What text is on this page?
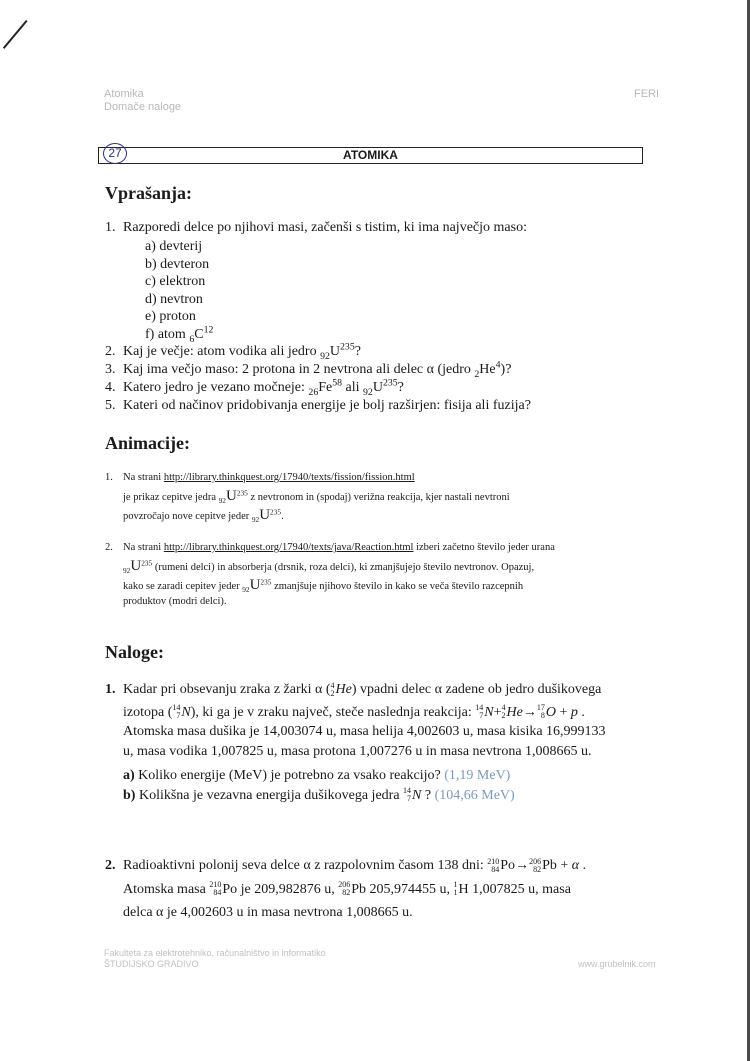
Atomika
Domače naloge
FERI
ATOMIKA
27
Vprašanja:
1. Razporedi delce po njihovi masi, začenši s tistim, ki ima največjo maso:
a) devterij
b) devteron
c) elektron
d) nevtron
e) proton
f) atom $_6C^{12}$
2. Kaj je večje: atom vodika ali jedro $_{92}U^{235}$?
3. Kaj ima večjo maso: 2 protona in 2 nevtrona ali delec α (jedro $_2He^4$)?
4. Katero jedro je vezano močneje: $_{26}Fe^{58}$ ali $_{92}U^{235}$?
5. Kateri od načinov pridobivanja energije je bolj razširjen: fisija ali fuzija?
Animacije:
1. Na strani http://library.thinkquest.org/17940/texts/fission/fission.html
je prikaz cepitve jedra $_{92}U^{235}$ z nevtronom in (spodaj) verižna reakcija, kjer nastali nevtroni
povzročajo nove cepitve jeder $_{92}U^{235}$.
2. Na strani http://library.thinkquest.org/17940/texts/java/Reaction.html izberi začetno število jeder urana
$_{92}U^{235}$ (rumeni delci) in absorberja (drsnik, roza delci), ki zmanjšujejo število nevtronov. Opazuj,
kako se zaradi cepitev jeder $_{92}U^{235}$ zmanjšuje njihovo število in kako se veča število razcepnih
produktov (modri delci).
Naloge:
1. Kadar pri obsevanju zraka z žarki α (4
2He) vpadni delec α zadene ob jedro dušikovega
izotopa (14
7N), ki ga je v zraku največ, steče naslednja reakcija: 14
7N+4
2He→17
8O + p .
Atomska masa dušika je 14,003074 u, masa helija 4,002603 u, masa kisika 16,999133
u, masa vodika 1,007825 u, masa protona 1,007276 u in masa nevtrona 1,008665 u.
a) Koliko energije (MeV) je potrebno za vsako reakcijo? (1,19 MeV)
b) Kolikšna je vezavna energija dušikovega jedra 14
7N ? (104,66 MeV)
2. Radioaktivni polonij seva delce α z razpolovnim časom 138 dni: 210
84Po→206
82Pb + α .
Atomska masa 210
84Po je 209,982876 u, 206
82Pb 205,974455 u, 1
1H 1,007825 u, masa
delca α je 4,002603 u in masa nevtrona 1,008665 u.
Fakulteta za elektrotehniko, računalništvo in informatiko
ŠTUDIJSKO GRADIVO	www.grubelnik.com
